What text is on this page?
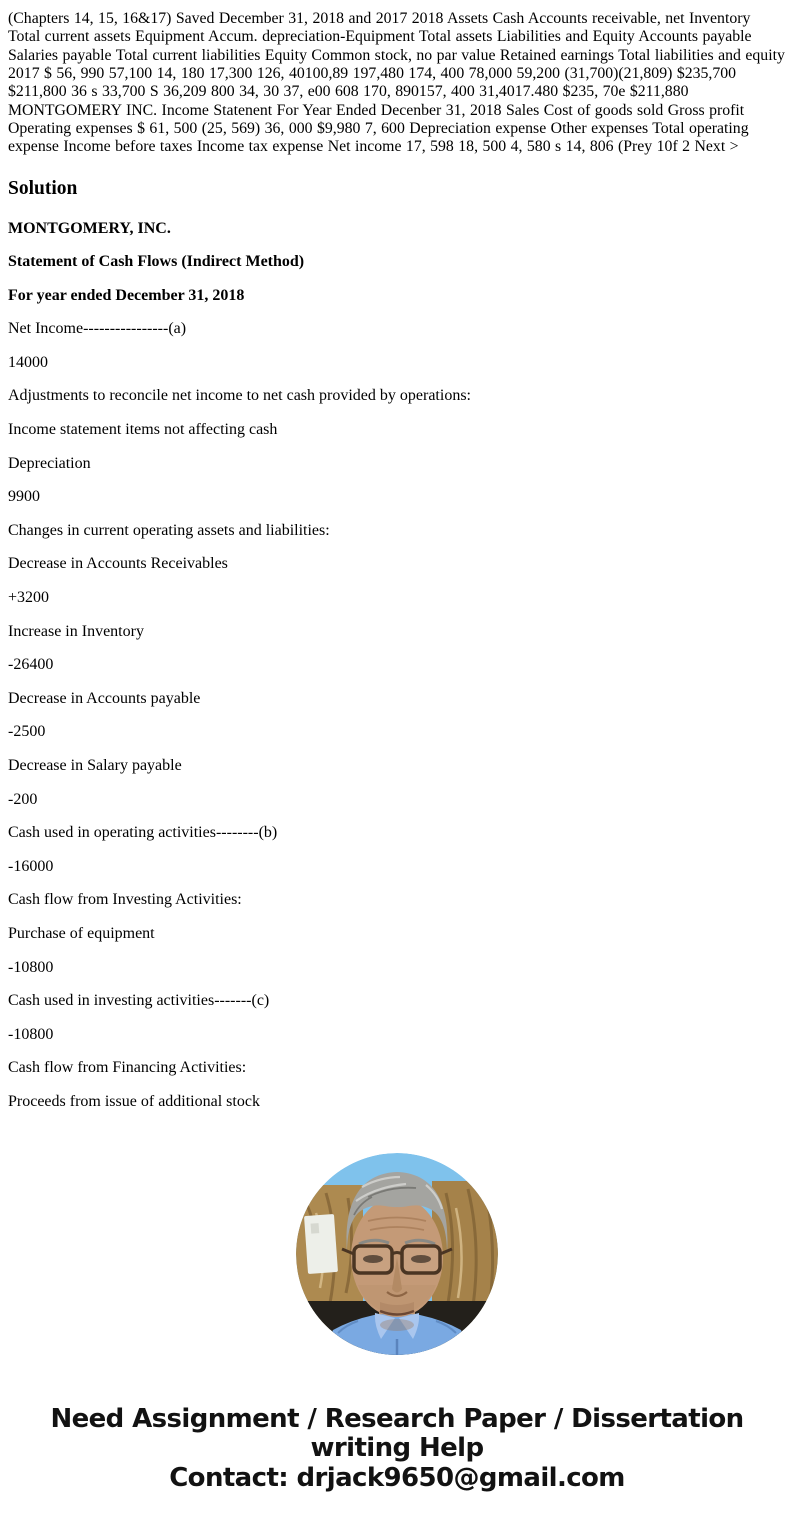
(Chapters 14, 15, 16&17) Saved December 31, 2018 and 2017 2018 Assets Cash Accounts receivable, net Inventory Total current assets Equipment Accum. depreciation-Equipment Total assets Liabilities and Equity Accounts payable Salaries payable Total current liabilities Equity Common stock, no par value Retained earnings Total liabilities and equity 2017 $ 56, 990 57,100 14, 180 17,300 126, 40100,89 197,480 174, 400 78,000 59,200 (31,700)(21,809) $235,700 $211,800 36 s 33,700 S 36,209 800 34, 30 37, e00 608 170, 890157, 400 31,4017.480 $235, 70e $211,880 MONTGOMERY INC. Income Statenent For Year Ended Decenber 31, 2018 Sales Cost of goods sold Gross profit Operating expenses $ 61, 500 (25, 569) 36, 000 $9,980 7, 600 Depreciation expense Other expenses Total operating expense Income before taxes Income tax expense Net income 17, 598 18, 500 4, 580 s 14, 806 (Prey 10f 2 Next >

Solution

MONTGOMERY, INC.

Statement of Cash Flows (Indirect Method)

For year ended December 31, 2018

Net Income----------------(a)

14000

Adjustments to reconcile net income to net cash provided by operations:

Income statement items not affecting cash

Depreciation

9900

Changes in current operating assets and liabilities:

Decrease in Accounts Receivables

+3200

Increase in Inventory

-26400

Decrease in Accounts payable

-2500

Decrease in Salary payable

-200

Cash used in operating activities--------(b)

-16000

Cash flow from Investing Activities:

Purchase of equipment

-10800

Cash used in investing activities-------(c)

-10800

Cash flow from Financing Activities:

Proceeds from issue of additional stock

Need Assignment / Research Paper / Dissertation writing Help
Contact: drjack9650@gmail.com
